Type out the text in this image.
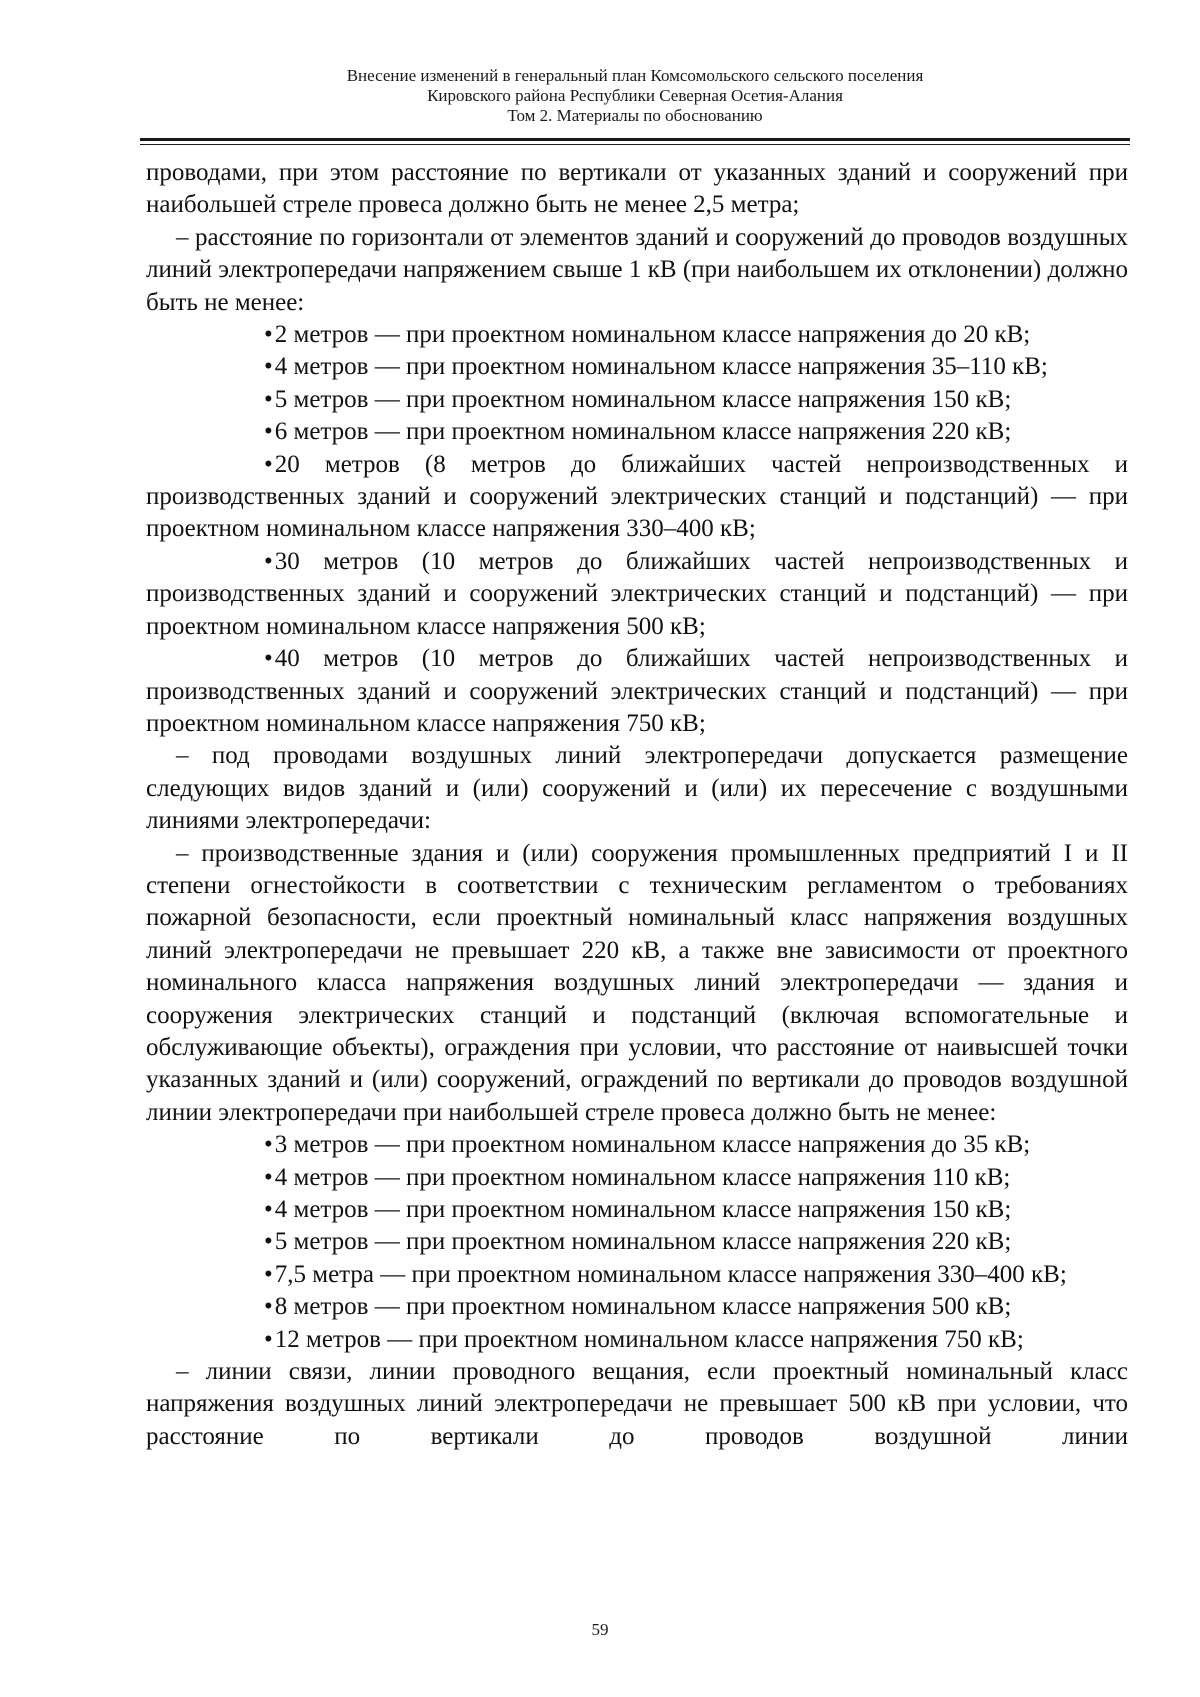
Внесение изменений в генеральный план Комсомольского сельского поселения
Кировского района Республики Северная Осетия-Алания
Том 2. Материалы по обоснованию

проводами, при этом расстояние по вертикали от указанных зданий и сооружений при наибольшей стреле провеса должно быть не менее 2,5 метра;

– расстояние по горизонтали от элементов зданий и сооружений до проводов воздушных линий электропередачи напряжением свыше 1 кВ (при наибольшем их отклонении) должно быть не менее:

•2 метров — при проектном номинальном классе напряжения до 20 кВ;

•4 метров — при проектном номинальном классе напряжения 35–110 кВ;

•5 метров — при проектном номинальном классе напряжения 150 кВ;

•6 метров — при проектном номинальном классе напряжения 220 кВ;

•20 метров (8 метров до ближайших частей непроизводственных и производственных зданий и сооружений электрических станций и подстанций) — при проектном номинальном классе напряжения 330–400 кВ;

•30 метров (10 метров до ближайших частей непроизводственных и производственных зданий и сооружений электрических станций и подстанций) — при проектном номинальном классе напряжения 500 кВ;

•40 метров (10 метров до ближайших частей непроизводственных и производственных зданий и сооружений электрических станций и подстанций) — при проектном номинальном классе напряжения 750 кВ;

– под проводами воздушных линий электропередачи допускается размещение следующих видов зданий и (или) сооружений и (или) их пересечение с воздушными линиями электропередачи:

– производственные здания и (или) сооружения промышленных предприятий I и II степени огнестойкости в соответствии с техническим регламентом о требованиях пожарной безопасности, если проектный номинальный класс напряжения воздушных линий электропередачи не превышает 220 кВ, а также вне зависимости от проектного номинального класса напряжения воздушных линий электропередачи — здания и сооружения электрических станций и подстанций (включая вспомогательные и обслуживающие объекты), ограждения при условии, что расстояние от наивысшей точки указанных зданий и (или) сооружений, ограждений по вертикали до проводов воздушной линии электропередачи при наибольшей стреле провеса должно быть не менее:

•3 метров — при проектном номинальном классе напряжения до 35 кВ;

•4 метров — при проектном номинальном классе напряжения 110 кВ;

•4 метров — при проектном номинальном классе напряжения 150 кВ;

•5 метров — при проектном номинальном классе напряжения 220 кВ;

•7,5 метра — при проектном номинальном классе напряжения 330–400 кВ;

•8 метров — при проектном номинальном классе напряжения 500 кВ;

•12 метров — при проектном номинальном классе напряжения 750 кВ;

– линии связи, линии проводного вещания, если проектный номинальный класс напряжения воздушных линий электропередачи не превышает 500 кВ при условии, что расстояние по вертикали до проводов воздушной линии

59
